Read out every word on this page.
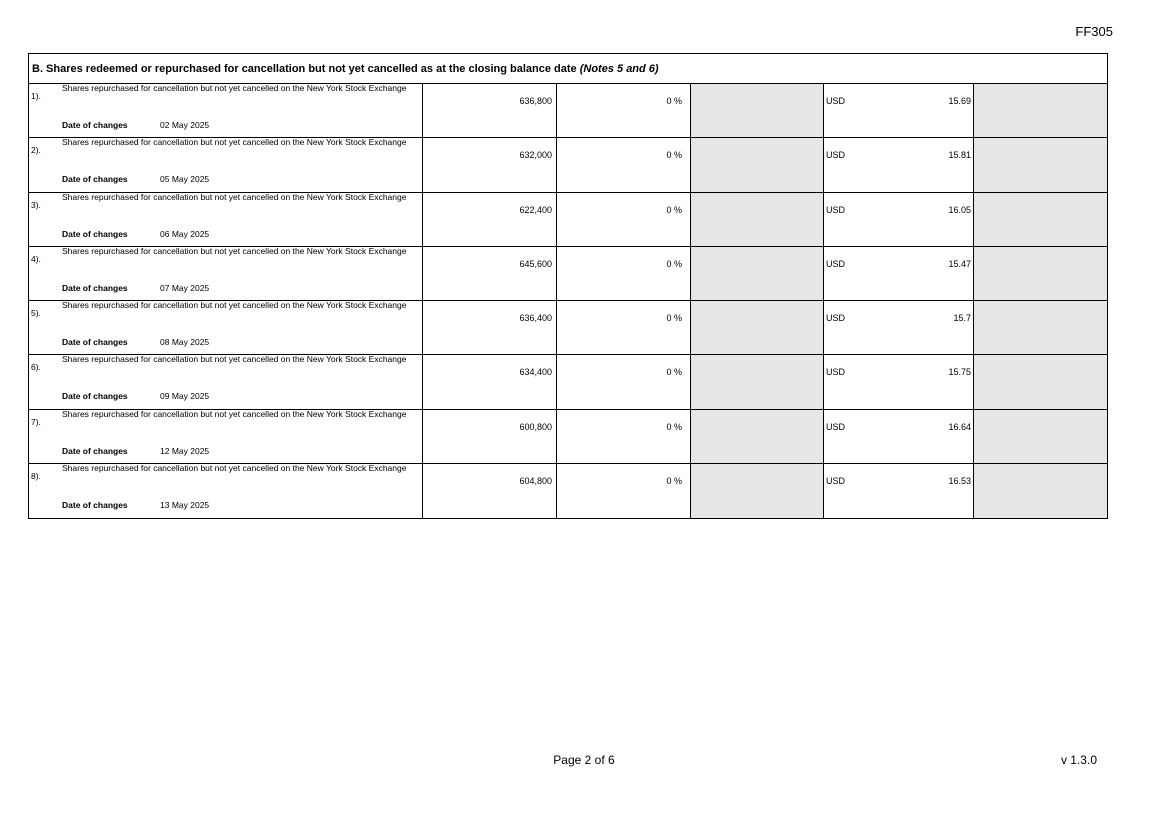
FF305
B. Shares redeemed or repurchased for cancellation but not yet cancelled as at the closing balance date (Notes 5 and 6)
1).
Shares repurchased for cancellation but not yet cancelled on the New York Stock Exchange
Date of changes	02 May 2025
636,800	0 %	USD	15.69
2).
Shares repurchased for cancellation but not yet cancelled on the New York Stock Exchange
Date of changes	05 May 2025
632,000	0 %	USD	15.81
3).
Shares repurchased for cancellation but not yet cancelled on the New York Stock Exchange
Date of changes	06 May 2025
622,400	0 %	USD	16.05
4).
Shares repurchased for cancellation but not yet cancelled on the New York Stock Exchange
Date of changes	07 May 2025
645,600	0 %	USD	15.47
5).
Shares repurchased for cancellation but not yet cancelled on the New York Stock Exchange
Date of changes	08 May 2025
636,400	0 %	USD	15.7
6).
Shares repurchased for cancellation but not yet cancelled on the New York Stock Exchange
Date of changes	09 May 2025
634,400	0 %	USD	15.75
7).
Shares repurchased for cancellation but not yet cancelled on the New York Stock Exchange
Date of changes	12 May 2025
600,800	0 %	USD	16.64
8).
Shares repurchased for cancellation but not yet cancelled on the New York Stock Exchange
Date of changes	13 May 2025
604,800	0 %	USD	16.53
Page 2 of 6	v 1.3.0
